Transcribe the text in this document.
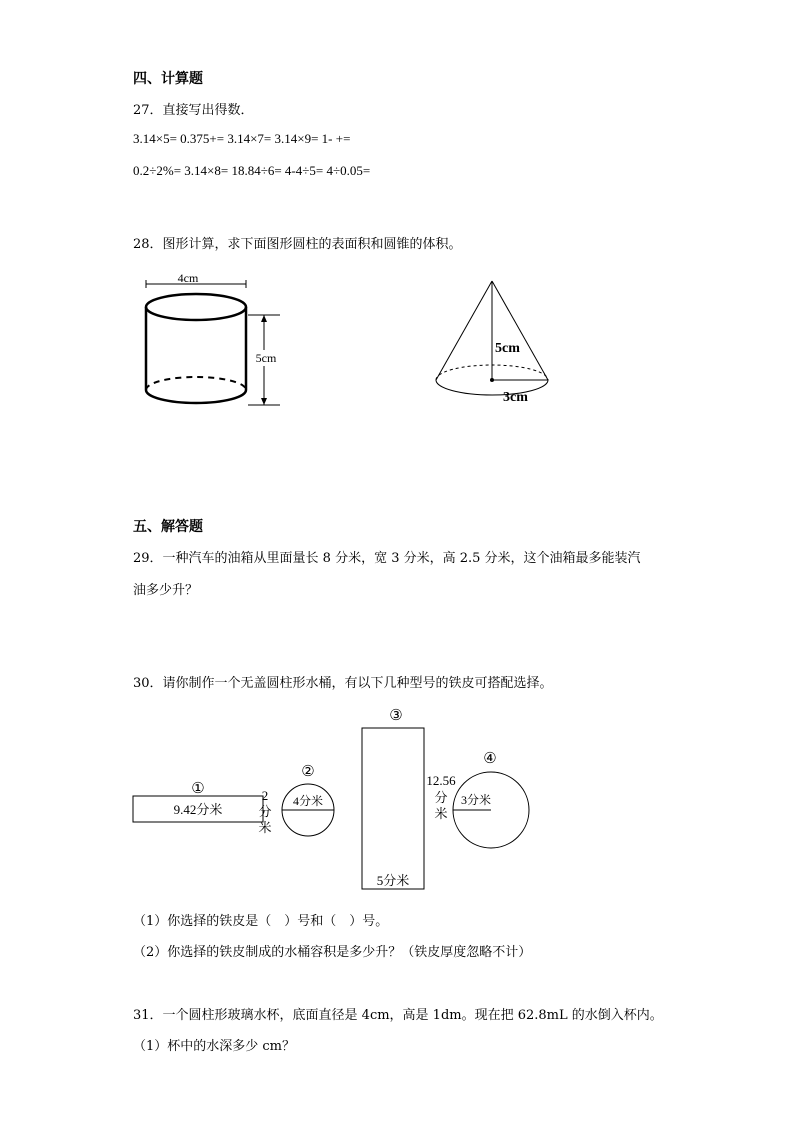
四、计算题
27．直接写出得数．
3.14×5= 0.375+= 3.14×7= 3.14×9= 1- +=
0.2÷2%= 3.14×8= 18.84÷6= 4-4÷5= 4÷0.05=
28．图形计算，求下面图形圆柱的表面积和圆锥的体积。
4cm
5cm
5cm
3cm
五、解答题
29．一种汽车的油箱从里面量长 8 分米，宽 3 分米，高 2.5 分米，这个油箱最多能装汽
油多少升？
30．请你制作一个无盖圆柱形水桶，有以下几种型号的铁皮可搭配选择。
①
9.42分米
2
分
米
②
4分米
③
5分米
12.56
分
米
④
3分米
（1）你选择的铁皮是（　）号和（　）号。
（2）你选择的铁皮制成的水桶容积是多少升？（铁皮厚度忽略不计）
31．一个圆柱形玻璃水杯，底面直径是 4cm，高是 1dm。现在把 62.8mL 的水倒入杯内。
（1）杯中的水深多少 cm？
